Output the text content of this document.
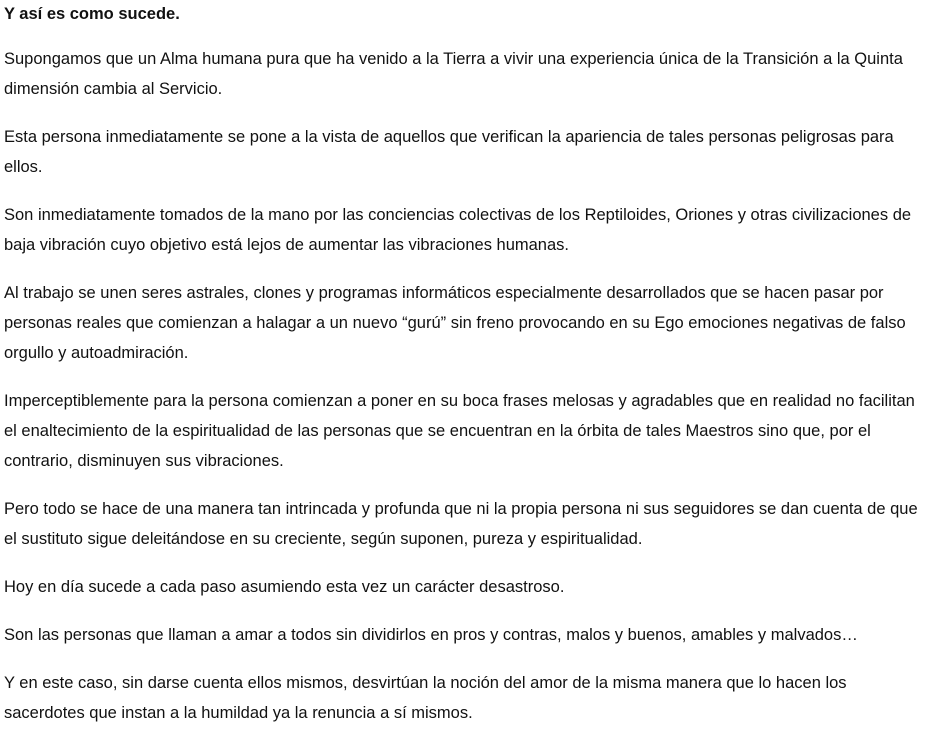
Y así es como sucede.

Supongamos que un Alma humana pura que ha venido a la Tierra a vivir una experiencia única de la Transición a la Quinta dimensión cambia al Servicio.

Esta persona inmediatamente se pone a la vista de aquellos que verifican la apariencia de tales personas peligrosas para ellos.

Son inmediatamente tomados de la mano por las conciencias colectivas de los Reptiloides, Oriones y otras civilizaciones de baja vibración cuyo objetivo está lejos de aumentar las vibraciones humanas.

Al trabajo se unen seres astrales, clones y programas informáticos especialmente desarrollados que se hacen pasar por personas reales que comienzan a halagar a un nuevo “gurú” sin freno provocando en su Ego emociones negativas de falso orgullo y autoadmiración.

Imperceptiblemente para la persona comienzan a poner en su boca frases melosas y agradables que en realidad no facilitan el enaltecimiento de la espiritualidad de las personas que se encuentran en la órbita de tales Maestros sino que, por el contrario, disminuyen sus vibraciones.

Pero todo se hace de una manera tan intrincada y profunda que ni la propia persona ni sus seguidores se dan cuenta de que el sustituto sigue deleitándose en su creciente, según suponen, pureza y espiritualidad.

Hoy en día sucede a cada paso asumiendo esta vez un carácter desastroso.

Son las personas que llaman a amar a todos sin dividirlos en pros y contras, malos y buenos, amables y malvados…

Y en este caso, sin darse cuenta ellos mismos, desvirtúan la noción del amor de la misma manera que lo hacen los sacerdotes que instan a la humildad ya la renuncia a sí mismos.
